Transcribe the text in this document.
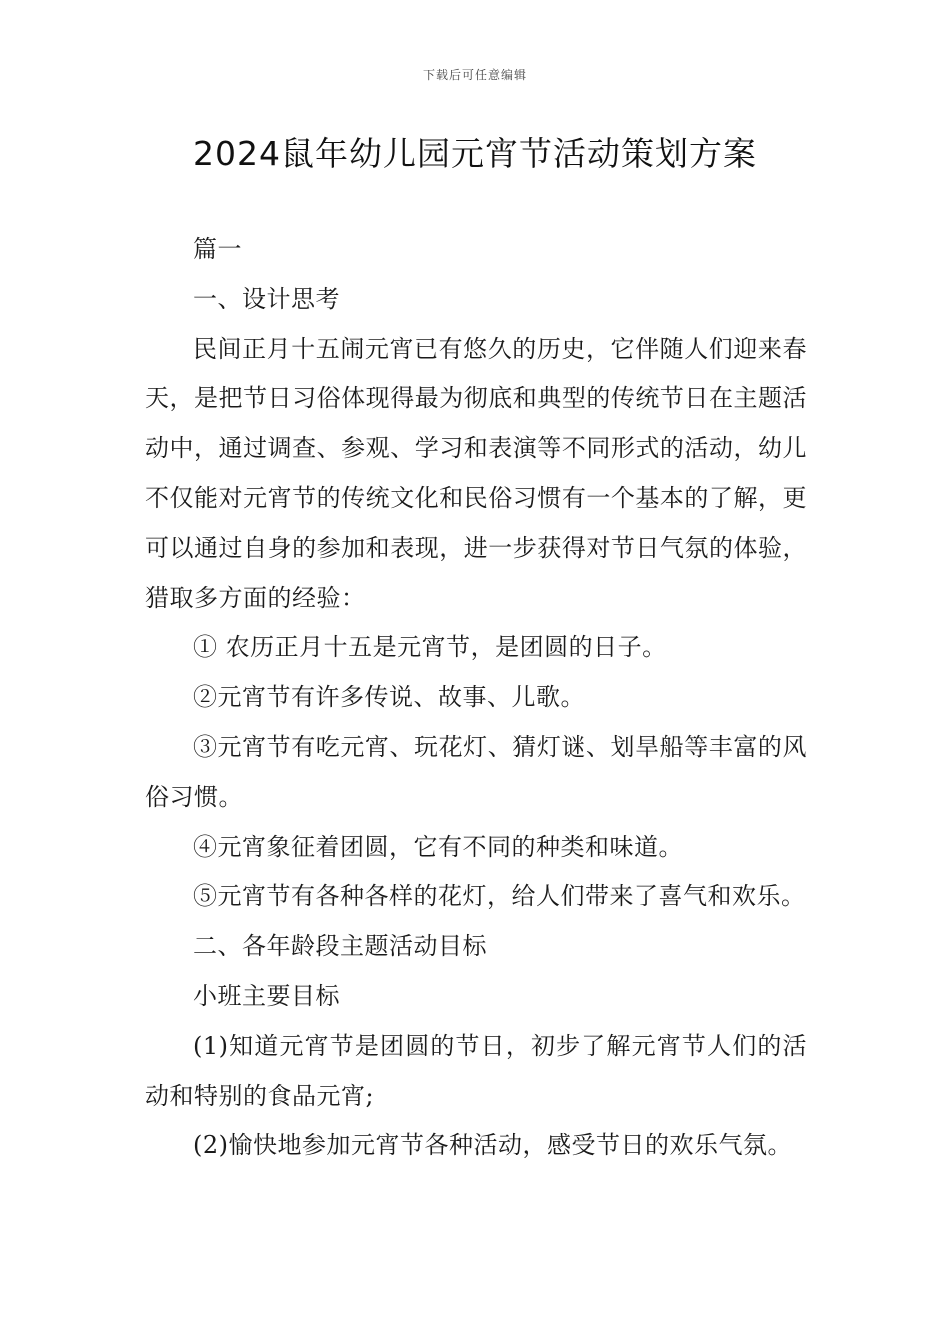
下载后可任意编辑
2024鼠年幼儿园元宵节活动策划方案

篇一

一、设计思考

民间正月十五闹元宵已有悠久的历史，它伴随人们迎来春天，是把节日习俗体现得最为彻底和典型的传统节日在主题活动中，通过调查、参观、学习和表演等不同形式的活动，幼儿不仅能对元宵节的传统文化和民俗习惯有一个基本的了解，更可以通过自身的参加和表现，进一步获得对节日气氛的体验，猎取多方面的经验：

① 农历正月十五是元宵节，是团圆的日子。

②元宵节有许多传说、故事、儿歌。

③元宵节有吃元宵、玩花灯、猜灯谜、划旱船等丰富的风俗习惯。

④元宵象征着团圆，它有不同的种类和味道。

⑤元宵节有各种各样的花灯，给人们带来了喜气和欢乐。

二、各年龄段主题活动目标

小班主要目标

(1)知道元宵节是团圆的节日，初步了解元宵节人们的活动和特别的食品元宵;

(2)愉快地参加元宵节各种活动，感受节日的欢乐气氛。
